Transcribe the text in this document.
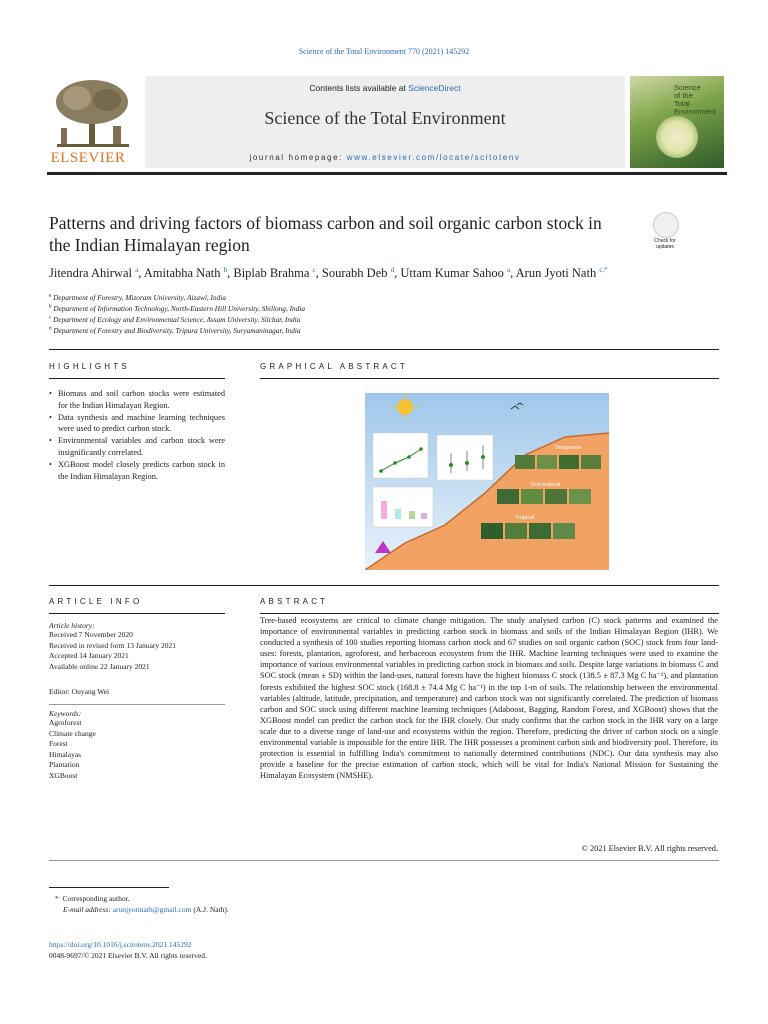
Science of the Total Environment 770 (2021) 145292
ELSEVIER
Contents lists available at ScienceDirect
Science of the Total Environment
journal homepage: www.elsevier.com/locate/scitotenv
Science
of the
Total Environment
Patterns and driving factors of biomass carbon and soil organic carbon stock in the Indian Himalayan region	Check for
updates
Jitendra Ahirwal $^a$, Amitabha Nath $^b$, Biplab Brahma $^c$, Sourabh Deb $^d$, Uttam Kumar Sahoo $^a$, Arun Jyoti Nath $^{c,*}$
$^a$ Department of Forestry, Mizoram University, Aizawl, India
$^b$ Department of Information Technology, North-Eastern Hill University, Shillong, India
$^c$ Department of Ecology and Environmental Science, Assam University, Silchar, India
$^d$ Department of Forestry and Biodiversity, Tripura University, Suryamaninagar, India
HIGHLIGHTS
• Biomass and soil carbon stocks were estimated for the Indian Himalayan Region.
• Data synthesis and machine learning techniques were used to predict carbon stock.
• Environmental variables and carbon stock were insignificantly correlated.
• XGBoost model closely predicts carbon stock in the Indian Himalayan Region.
GRAPHICAL ABSTRACT
Temperate
Sub-tropical
Tropical
ARTICLE INFO
Article history:
Received 7 November 2020
Received in revised form 13 January 2021
Accepted 14 January 2021
Available online 22 January 2021
Editor: Ouyang Wei
Keywords:
Agroforest
Climate change
Forest
Himalayas
Plantation
XGBoost
ABSTRACT
Tree-based ecosystems are critical to climate change mitigation. The study analysed carbon (C) stock patterns and examined the importance of environmental variables in predicting carbon stock in biomass and soils of the Indian Himalayan Region (IHR). We conducted a synthesis of 100 studies reporting biomass carbon stock and 67 studies on soil organic carbon (SOC) stock from four land-uses: forests, plantation, agroforest, and herbaceous ecosystem from the IHR. Machine learning techniques were used to examine the importance of various environmental variables in predicting carbon stock in biomass and soils. Despite large variations in biomass C and SOC stock (mean ± SD) within the land-uses, natural forests have the highest biomass C stock (138.5 ± 87.3 Mg C ha⁻¹), and plantation forests exhibited the highest SOC stock (168.8 ± 74.4 Mg C ha⁻¹) in the top 1-m of soils. The relationship between the environmental variables (altitude, latitude, precipitation, and temperature) and carbon stock was not significantly correlated. The prediction of biomass carbon and SOC stock using different machine learning techniques (Adaboost, Bagging, Random Forest, and XGBoost) shows that the XGBoost model can predict the carbon stock for the IHR closely. Our study confirms that the carbon stock in the IHR vary on a large scale due to a diverse range of land-use and ecosystems within the region. Therefore, predicting the driver of carbon stock on a single environmental variable is impossible for the entire IHR. The IHR possesses a prominent carbon sink and biodiversity pool. Therefore, its protection is essential in fulfilling India's commitment to nationally determined contributions (NDC). Our data synthesis may also provide a baseline for the precise estimation of carbon stock, which will be vital for India's National Mission for Sustaining the Himalayan Ecosystem (NMSHE).
© 2021 Elsevier B.V. All rights reserved.
* Corresponding author.
E-mail address: arunjyotinath@gmail.com (A.J. Nath).
https://doi.org/10.1016/j.scitotenv.2021.145292
0048-9697/© 2021 Elsevier B.V. All rights reserved.
